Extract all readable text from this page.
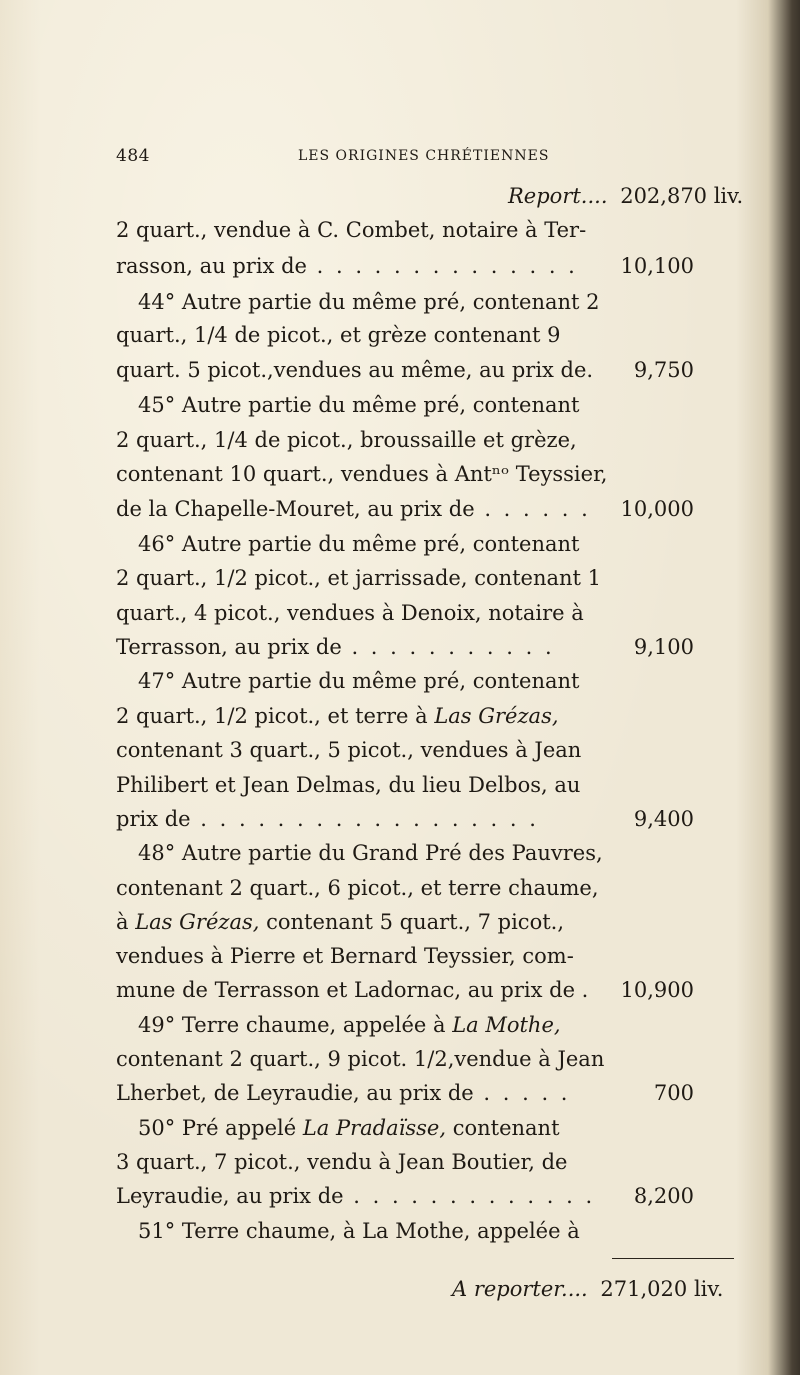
484	LES ORIGINES CHRÉTIENNES
Report.... 202,870 liv.
2 quart., vendue à C. Combet, notaire à Ter-
rasson, au prix de . . . . . . . . . . . . . . 10,100
44° Autre partie du même pré, contenant 2
quart., 1/4 de picot., et grèze contenant 9
quart. 5 picot.,vendues au même, au prix de. 9,750
45° Autre partie du même pré, contenant
2 quart., 1/4 de picot., broussaille et grèze,
contenant 10 quart., vendues à Antⁿᵒ Teyssier,
de la Chapelle-Mouret, au prix de . . . . . . 10,000
46° Autre partie du même pré, contenant
2 quart., 1/2 picot., et jarrissade, contenant 1
quart., 4 picot., vendues à Denoix, notaire à
Terrasson, au prix de . . . . . . . . . . .	9,100
47° Autre partie du même pré, contenant
2 quart., 1/2 picot., et terre à Las Grézas,
contenant 3 quart., 5 picot., vendues à Jean
Philibert et Jean Delmas, du lieu Delbos, au
prix de . . . . . . . . . . . . . . . . . .	9,400
48° Autre partie du Grand Pré des Pauvres,
contenant 2 quart., 6 picot., et terre chaume,
à Las Grézas, contenant 5 quart., 7 picot.,
vendues à Pierre et Bernard Teyssier, com-
mune de Terrasson et Ladornac, au prix de . 10,900
49° Terre chaume, appelée à La Mothe,
contenant 2 quart., 9 picot. 1/2,vendue à Jean
Lherbet, de Leyraudie, au prix de . . . . .	700
50° Pré appelé La Pradaïsse, contenant
3 quart., 7 picot., vendu à Jean Boutier, de
Leyraudie, au prix de . . . . . . . . . . . . . 8,200
51° Terre chaume, à La Mothe, appelée à
A reporter.... 271,020 liv.
